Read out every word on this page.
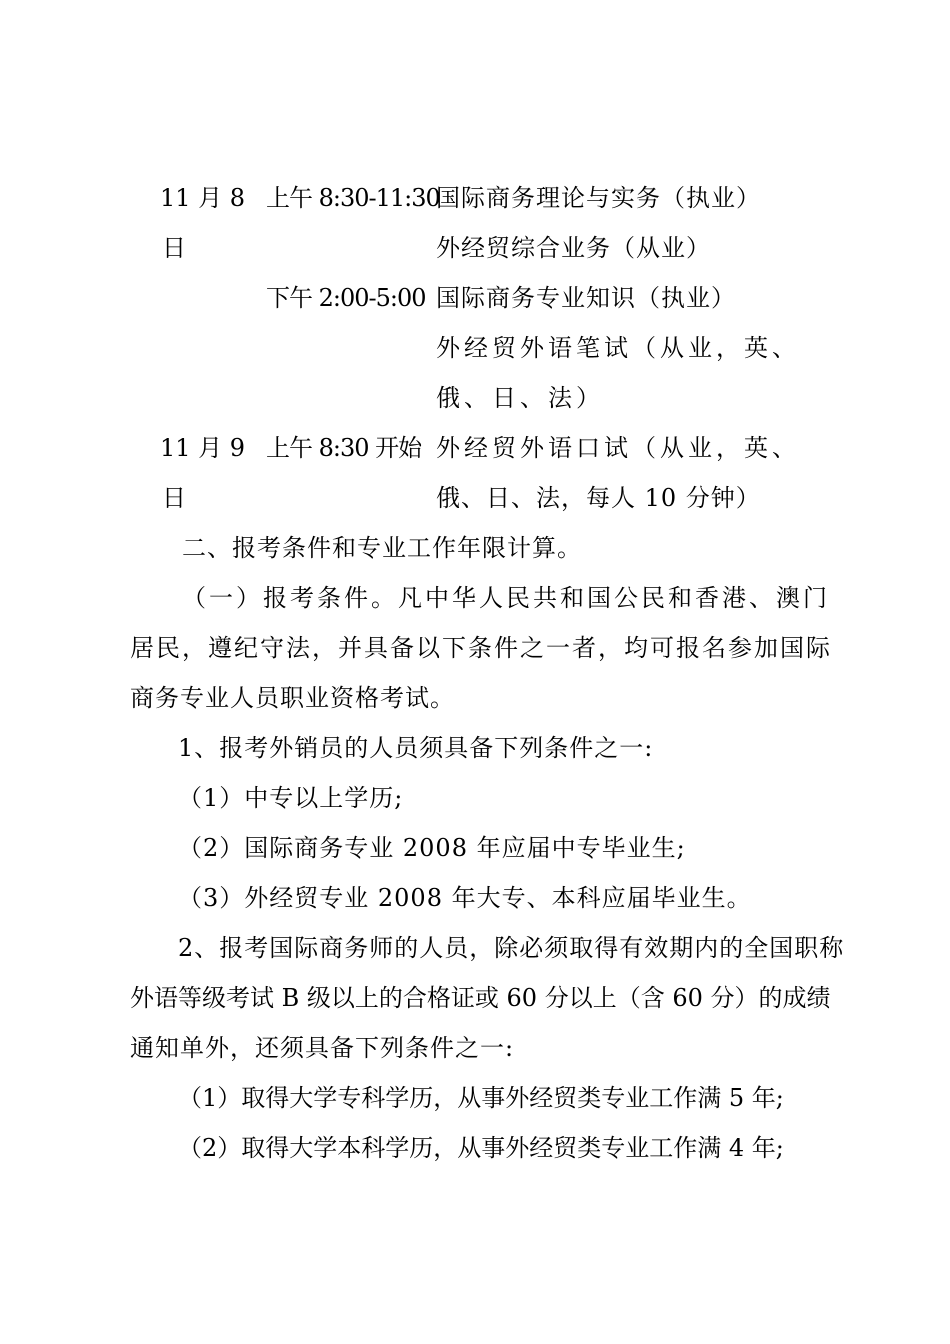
11 月 8
日
上午 8:30-11:30
国际商务理论与实务（执业）
外经贸综合业务（从业）
下午 2:00-5:00 国际商务专业知识（执业）
外经贸外语笔试（从业，英、
俄、日、法）
11 月 9
日
上午 8:30 开始 外经贸外语口试（从业，英、
俄、日、法，每人 10 分钟）
二、报考条件和专业工作年限计算。
（一）报考条件。凡中华人民共和国公民和香港、澳门
居民，遵纪守法，并具备以下条件之一者，均可报名参加国际
商务专业人员职业资格考试。
1、报考外销员的人员须具备下列条件之一:
（1）中专以上学历;
（2）国际商务专业 2008 年应届中专毕业生;
（3）外经贸专业 2008 年大专、本科应届毕业生。
2、报考国际商务师的人员，除必须取得有效期内的全国职称
外语等级考试 B 级以上的合格证或 60 分以上（含 60 分）的成绩
通知单外，还须具备下列条件之一:
（1）取得大学专科学历，从事外经贸类专业工作满 5 年;
（2）取得大学本科学历，从事外经贸类专业工作满 4 年;
